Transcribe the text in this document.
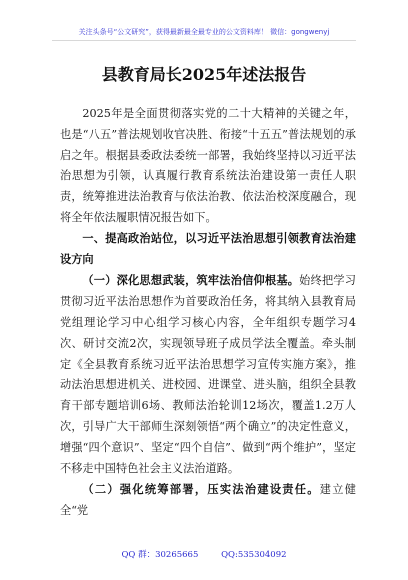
关注头条号“公文研究”，获得最新最全最专业的公文资料库！ 微信：gongwenyj
县教育局长2025年述法报告

2025年是全面贯彻落实党的二十大精神的关键之年，也是“八五”普法规划收官决胜、衔接“十五五”普法规划的承启之年。根据县委政法委统一部署，我始终坚持以习近平法治思想为引领，认真履行教育系统法治建设第一责任人职责，统筹推进法治教育与依法治教、依法治校深度融合，现将全年依法履职情况报告如下。

一、提高政治站位，以习近平法治思想引领教育法治建设方向

（一）深化思想武装，筑牢法治信仰根基。始终把学习贯彻习近平法治思想作为首要政治任务，将其纳入县教育局党组理论学习中心组学习核心内容，全年组织专题学习4次、研讨交流2次，实现领导班子成员学法全覆盖。牵头制定《全县教育系统习近平法治思想学习宣传实施方案》，推动法治思想进机关、进校园、进课堂、进头脑，组织全县教育干部专题培训6场、教师法治轮训12场次，覆盖1.2万人次，引导广大干部师生深刻领悟“两个确立”的决定性意义，增强“四个意识”、坚定“四个自信”、做到“两个维护”，坚定不移走中国特色社会主义法治道路。

（二）强化统筹部署，压实法治建设责任。建立健全“党

QQ 群：30265665	QQ:535304092
